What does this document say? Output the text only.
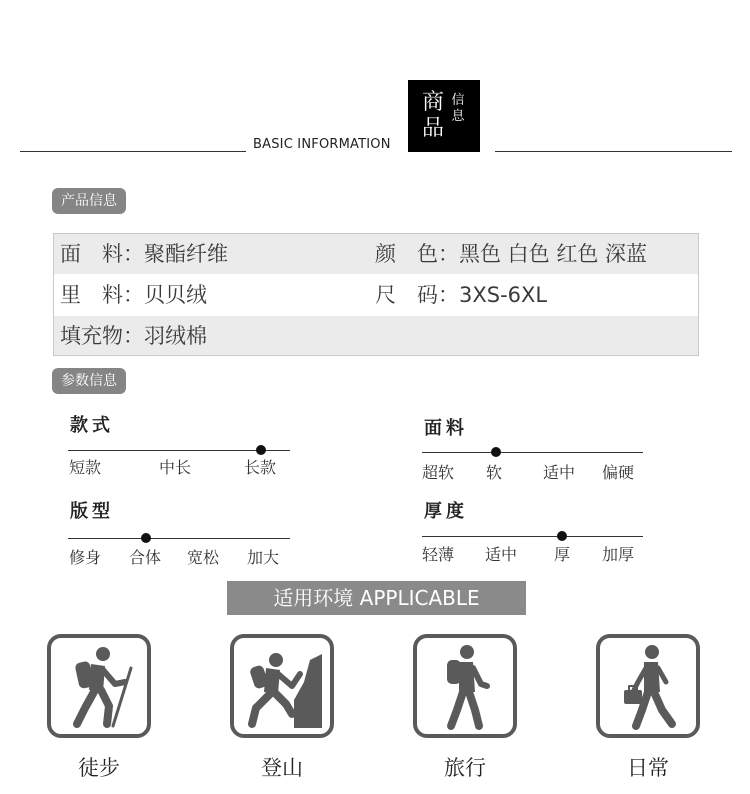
BASIC INFORMATION
商品
信息
产品信息
面　料：聚酯纤维	颜　色：黑色 白色 红色 深蓝
里　料：贝贝绒	尺　码：3XS-6XL
填充物：羽绒棉
参数信息
款式
短款	中长	长款
面料
超软 软	适中 偏硬
版型
修身 合体 宽松 加大
厚度
轻薄 适中 厚 加厚
适用环境 APPLICABLE
徒步	登山	旅行	日常
